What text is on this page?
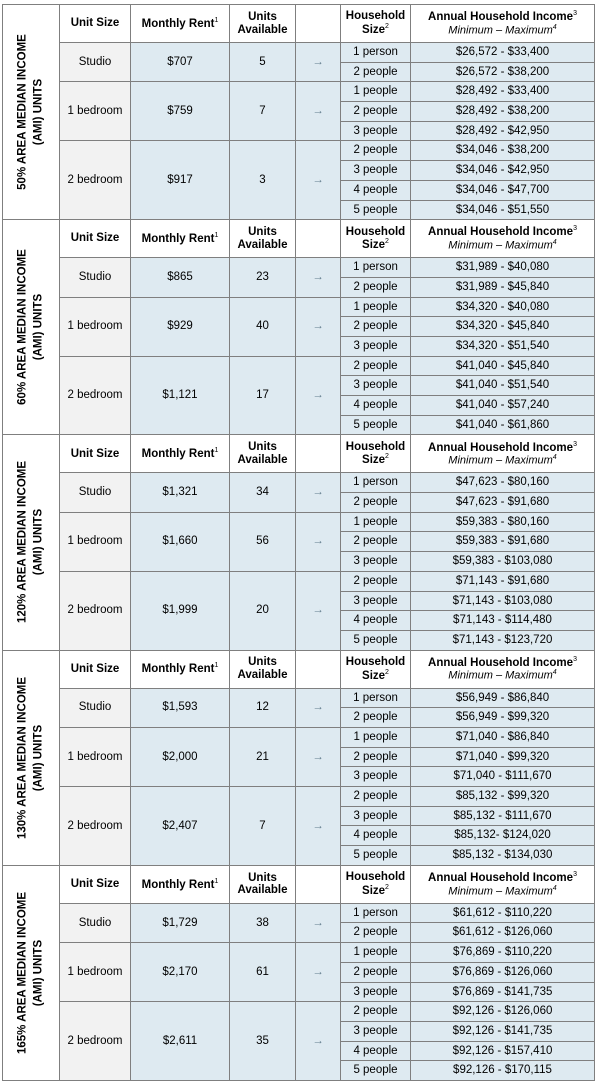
50% AREA MEDIAN INCOME (AMI) UNITS	Unit Size	Monthly Rent$^1$	Units Available		Household Size$^2$	Annual Household Income$^3$
Minimum – Maximum$^4$

	Studio	$707	5	→	1 person	$26,572 - $33,400
					2 people	$26,572 - $38,200
	1 bedroom	$759	7	→	1 people	$28,492 - $33,400
					2 people	$28,492 - $38,200
					3 people	$28,492 - $42,950
	2 bedroom	$917	3	→	2 people	$34,046 - $38,200
					3 people	$34,046 - $42,950
					4 people	$34,046 - $47,700
					5 people	$34,046 - $51,550

60% AREA MEDIAN INCOME (AMI) UNITS	Unit Size	Monthly Rent$^1$	Units Available		Household Size$^2$	Annual Household Income$^3$
Minimum – Maximum$^4$

	Studio	$865	23	→	1 person	$31,989 - $40,080
					2 people	$31,989 - $45,840
	1 bedroom	$929	40	→	1 people	$34,320 - $40,080
					2 people	$34,320 - $45,840
					3 people	$34,320 - $51,540
	2 bedroom	$1,121	17	→	2 people	$41,040 - $45,840
					3 people	$41,040 - $51,540
					4 people	$41,040 - $57,240
					5 people	$41,040 - $61,860

120% AREA MEDIAN INCOME (AMI) UNITS	Unit Size	Monthly Rent$^1$	Units Available		Household Size$^2$	Annual Household Income$^3$
Minimum – Maximum$^4$

	Studio	$1,321	34	→	1 person	$47,623 - $80,160
					2 people	$47,623 - $91,680
	1 bedroom	$1,660	56	→	1 people	$59,383 - $80,160
					2 people	$59,383 - $91,680
					3 people	$59,383 - $103,080
	2 bedroom	$1,999	20	→	2 people	$71,143 - $91,680
					3 people	$71,143 - $103,080
					4 people	$71,143 - $114,480
					5 people	$71,143 - $123,720

130% AREA MEDIAN INCOME (AMI) UNITS	Unit Size	Monthly Rent$^1$	Units Available		Household Size$^2$	Annual Household Income$^3$
Minimum – Maximum$^4$

	Studio	$1,593	12	→	1 person	$56,949 - $86,840
					2 people	$56,949 - $99,320
	1 bedroom	$2,000	21	→	1 people	$71,040 - $86,840
					2 people	$71,040 - $99,320
					3 people	$71,040 - $111,670
	2 bedroom	$2,407	7	→	2 people	$85,132 - $99,320
					3 people	$85,132 - $111,670
					4 people	$85,132- $124,020
					5 people	$85,132 - $134,030

165% AREA MEDIAN INCOME (AMI) UNITS	Unit Size	Monthly Rent$^1$	Units Available		Household Size$^2$	Annual Household Income$^3$
Minimum – Maximum$^4$

	Studio	$1,729	38	→	1 person	$61,612 - $110,220
					2 people	$61,612 - $126,060
	1 bedroom	$2,170	61	→	1 people	$76,869 - $110,220
					2 people	$76,869 - $126,060
					3 people	$76,869 - $141,735
	2 bedroom	$2,611	35	→	2 people	$92,126 - $126,060
					3 people	$92,126 - $141,735
					4 people	$92,126 - $157,410
					5 people	$92,126 - $170,115
